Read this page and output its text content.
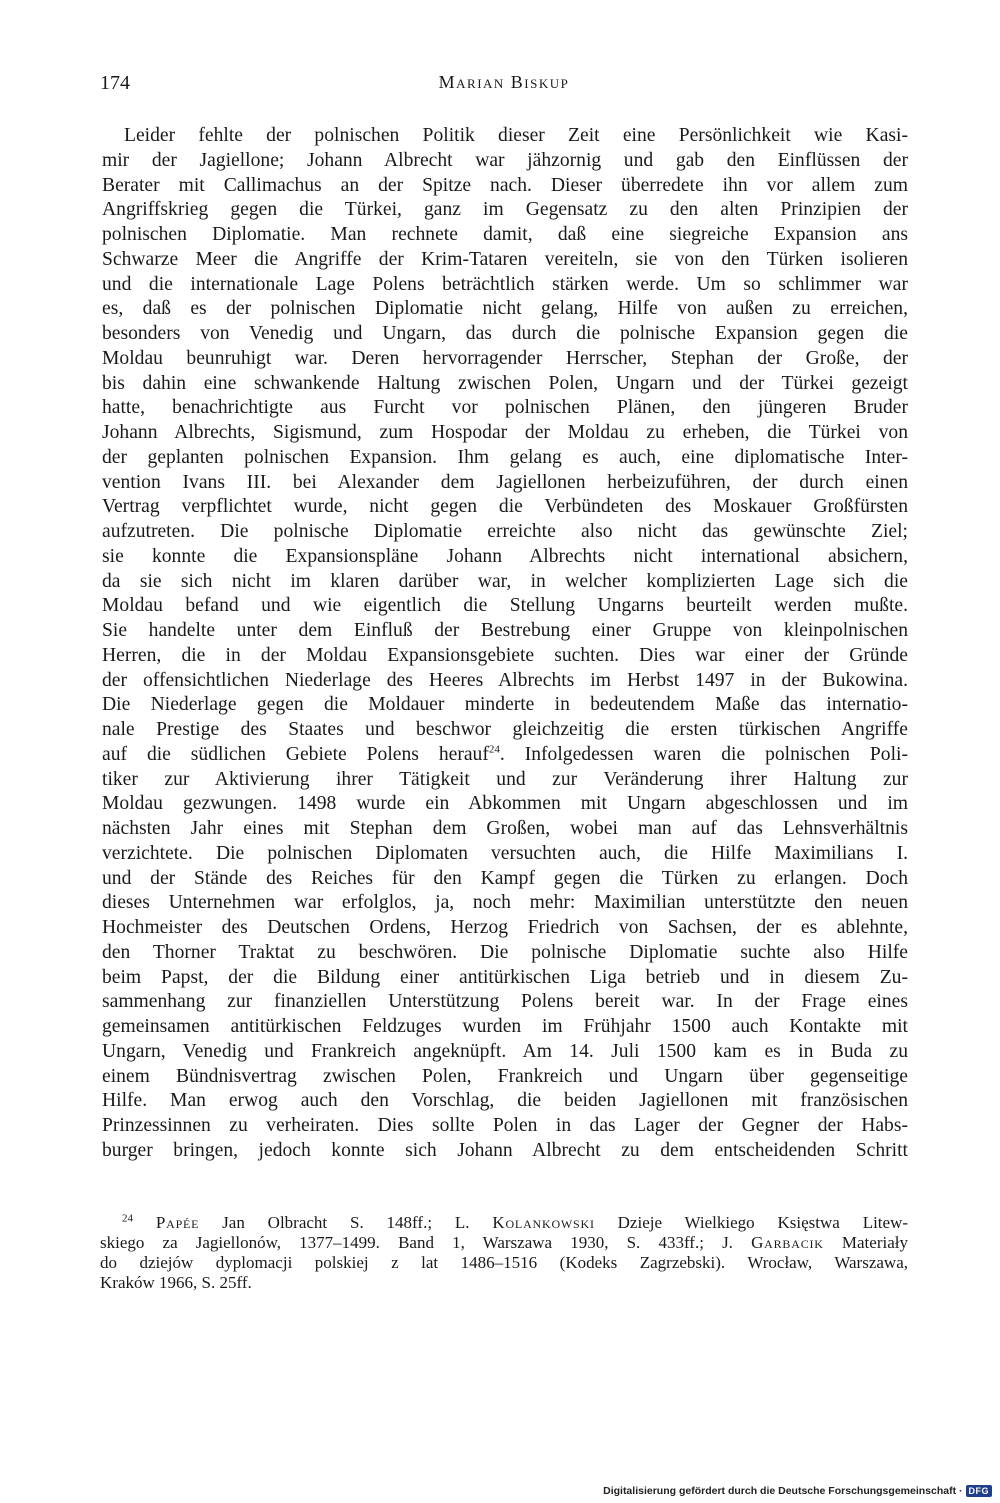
174	Marian Biskup
Leider fehlte der polnischen Politik dieser Zeit eine Persönlichkeit wie Kasi-
mir der Jagiellone; Johann Albrecht war jähzornig und gab den Einflüssen der
Berater mit Callimachus an der Spitze nach. Dieser überredete ihn vor allem zum
Angriffskrieg gegen die Türkei, ganz im Gegensatz zu den alten Prinzipien der
polnischen Diplomatie. Man rechnete damit, daß eine siegreiche Expansion ans
Schwarze Meer die Angriffe der Krim-Tataren vereiteln, sie von den Türken isolieren
und die internationale Lage Polens beträchtlich stärken werde. Um so schlimmer war
es, daß es der polnischen Diplomatie nicht gelang, Hilfe von außen zu erreichen,
besonders von Venedig und Ungarn, das durch die polnische Expansion gegen die
Moldau beunruhigt war. Deren hervorragender Herrscher, Stephan der Große, der
bis dahin eine schwankende Haltung zwischen Polen, Ungarn und der Türkei gezeigt
hatte, benachrichtigte aus Furcht vor polnischen Plänen, den jüngeren Bruder
Johann Albrechts, Sigismund, zum Hospodar der Moldau zu erheben, die Türkei von
der geplanten polnischen Expansion. Ihm gelang es auch, eine diplomatische Inter-
vention Ivans III. bei Alexander dem Jagiellonen herbeizuführen, der durch einen
Vertrag verpflichtet wurde, nicht gegen die Verbündeten des Moskauer Großfürsten
aufzutreten. Die polnische Diplomatie erreichte also nicht das gewünschte Ziel;
sie konnte die Expansionspläne Johann Albrechts nicht international absichern,
da sie sich nicht im klaren darüber war, in welcher komplizierten Lage sich die
Moldau befand und wie eigentlich die Stellung Ungarns beurteilt werden mußte.
Sie handelte unter dem Einfluß der Bestrebung einer Gruppe von kleinpolnischen
Herren, die in der Moldau Expansionsgebiete suchten. Dies war einer der Gründe
der offensichtlichen Niederlage des Heeres Albrechts im Herbst 1497 in der Bukowina.
Die Niederlage gegen die Moldauer minderte in bedeutendem Maße das internatio-
nale Prestige des Staates und beschwor gleichzeitig die ersten türkischen Angriffe
auf die südlichen Gebiete Polens herauf$^{24}$. Infolgedessen waren die polnischen Poli-
tiker zur Aktivierung ihrer Tätigkeit und zur Veränderung ihrer Haltung zur
Moldau gezwungen. 1498 wurde ein Abkommen mit Ungarn abgeschlossen und im
nächsten Jahr eines mit Stephan dem Großen, wobei man auf das Lehnsverhältnis
verzichtete. Die polnischen Diplomaten versuchten auch, die Hilfe Maximilians I.
und der Stände des Reiches für den Kampf gegen die Türken zu erlangen. Doch
dieses Unternehmen war erfolglos, ja, noch mehr: Maximilian unterstützte den neuen
Hochmeister des Deutschen Ordens, Herzog Friedrich von Sachsen, der es ablehnte,
den Thorner Traktat zu beschwören. Die polnische Diplomatie suchte also Hilfe
beim Papst, der die Bildung einer antitürkischen Liga betrieb und in diesem Zu-
sammenhang zur finanziellen Unterstützung Polens bereit war. In der Frage eines
gemeinsamen antitürkischen Feldzuges wurden im Frühjahr 1500 auch Kontakte mit
Ungarn, Venedig und Frankreich angeknüpft. Am 14. Juli 1500 kam es in Buda zu
einem Bündnisvertrag zwischen Polen, Frankreich und Ungarn über gegenseitige
Hilfe. Man erwog auch den Vorschlag, die beiden Jagiellonen mit französischen
Prinzessinnen zu verheiraten. Dies sollte Polen in das Lager der Gegner der Habs-
burger bringen, jedoch konnte sich Johann Albrecht zu dem entscheidenden Schritt
$^{24}$ Papée Jan Olbracht S. 148ff.; L. Kolankowski Dzieje Wielkiego Księstwa Litew-
skiego za Jagiellonów, 1377–1499. Band 1, Warszawa 1930, S. 433ff.; J. Garbacik Materiały
do dziejów dyplomacji polskiej z lat 1486–1516 (Kodeks Zagrzebski). Wrocław, Warszawa,
Kraków 1966, S. 25ff.
Digitalisierung gefördert durch die Deutsche Forschungsgemeinschaft · DFG
